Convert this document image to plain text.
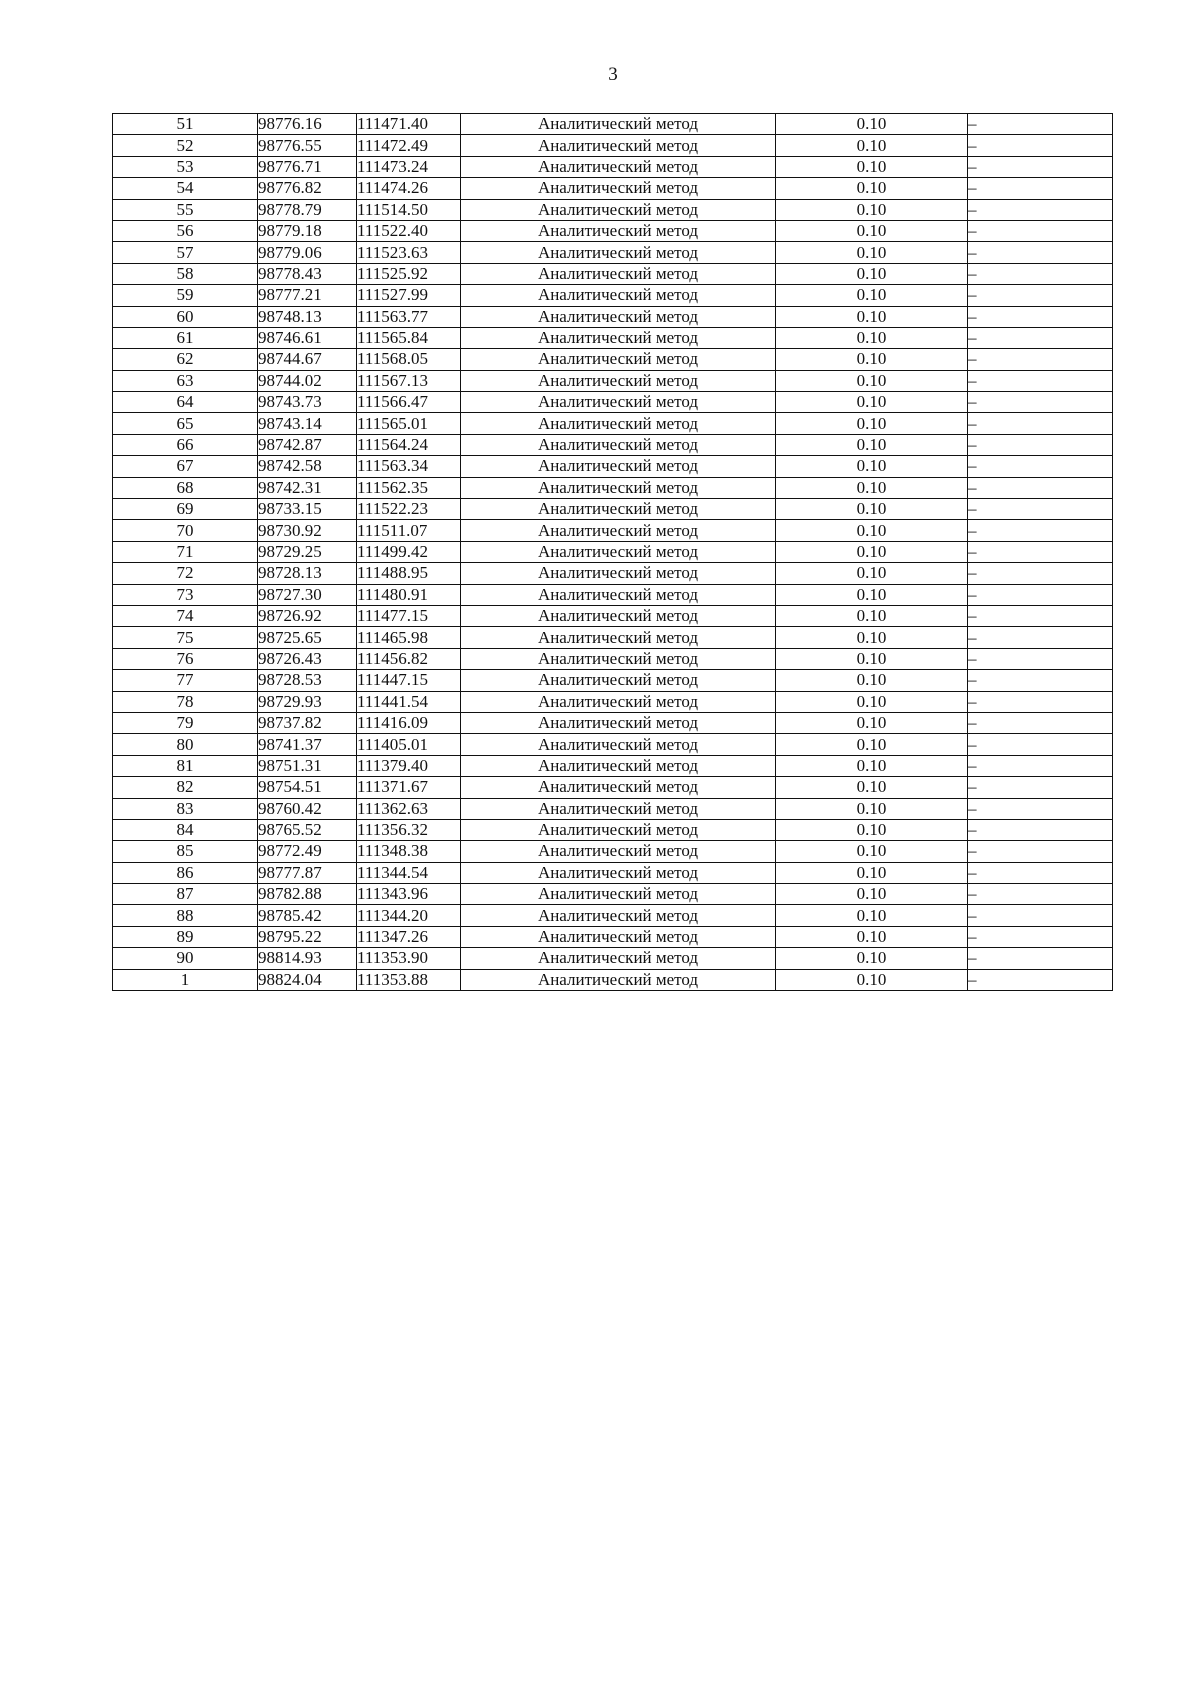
3
51	98776.16	111471.40	Аналитический метод	0.10	–
52	98776.55	111472.49	Аналитический метод	0.10	–
53	98776.71	111473.24	Аналитический метод	0.10	–
54	98776.82	111474.26	Аналитический метод	0.10	–
55	98778.79	111514.50	Аналитический метод	0.10	–
56	98779.18	111522.40	Аналитический метод	0.10	–
57	98779.06	111523.63	Аналитический метод	0.10	–
58	98778.43	111525.92	Аналитический метод	0.10	–
59	98777.21	111527.99	Аналитический метод	0.10	–
60	98748.13	111563.77	Аналитический метод	0.10	–
61	98746.61	111565.84	Аналитический метод	0.10	–
62	98744.67	111568.05	Аналитический метод	0.10	–
63	98744.02	111567.13	Аналитический метод	0.10	–
64	98743.73	111566.47	Аналитический метод	0.10	–
65	98743.14	111565.01	Аналитический метод	0.10	–
66	98742.87	111564.24	Аналитический метод	0.10	–
67	98742.58	111563.34	Аналитический метод	0.10	–
68	98742.31	111562.35	Аналитический метод	0.10	–
69	98733.15	111522.23	Аналитический метод	0.10	–
70	98730.92	111511.07	Аналитический метод	0.10	–
71	98729.25	111499.42	Аналитический метод	0.10	–
72	98728.13	111488.95	Аналитический метод	0.10	–
73	98727.30	111480.91	Аналитический метод	0.10	–
74	98726.92	111477.15	Аналитический метод	0.10	–
75	98725.65	111465.98	Аналитический метод	0.10	–
76	98726.43	111456.82	Аналитический метод	0.10	–
77	98728.53	111447.15	Аналитический метод	0.10	–
78	98729.93	111441.54	Аналитический метод	0.10	–
79	98737.82	111416.09	Аналитический метод	0.10	–
80	98741.37	111405.01	Аналитический метод	0.10	–
81	98751.31	111379.40	Аналитический метод	0.10	–
82	98754.51	111371.67	Аналитический метод	0.10	–
83	98760.42	111362.63	Аналитический метод	0.10	–
84	98765.52	111356.32	Аналитический метод	0.10	–
85	98772.49	111348.38	Аналитический метод	0.10	–
86	98777.87	111344.54	Аналитический метод	0.10	–
87	98782.88	111343.96	Аналитический метод	0.10	–
88	98785.42	111344.20	Аналитический метод	0.10	–
89	98795.22	111347.26	Аналитический метод	0.10	–
90	98814.93	111353.90	Аналитический метод	0.10	–
1	98824.04	111353.88	Аналитический метод	0.10	–
